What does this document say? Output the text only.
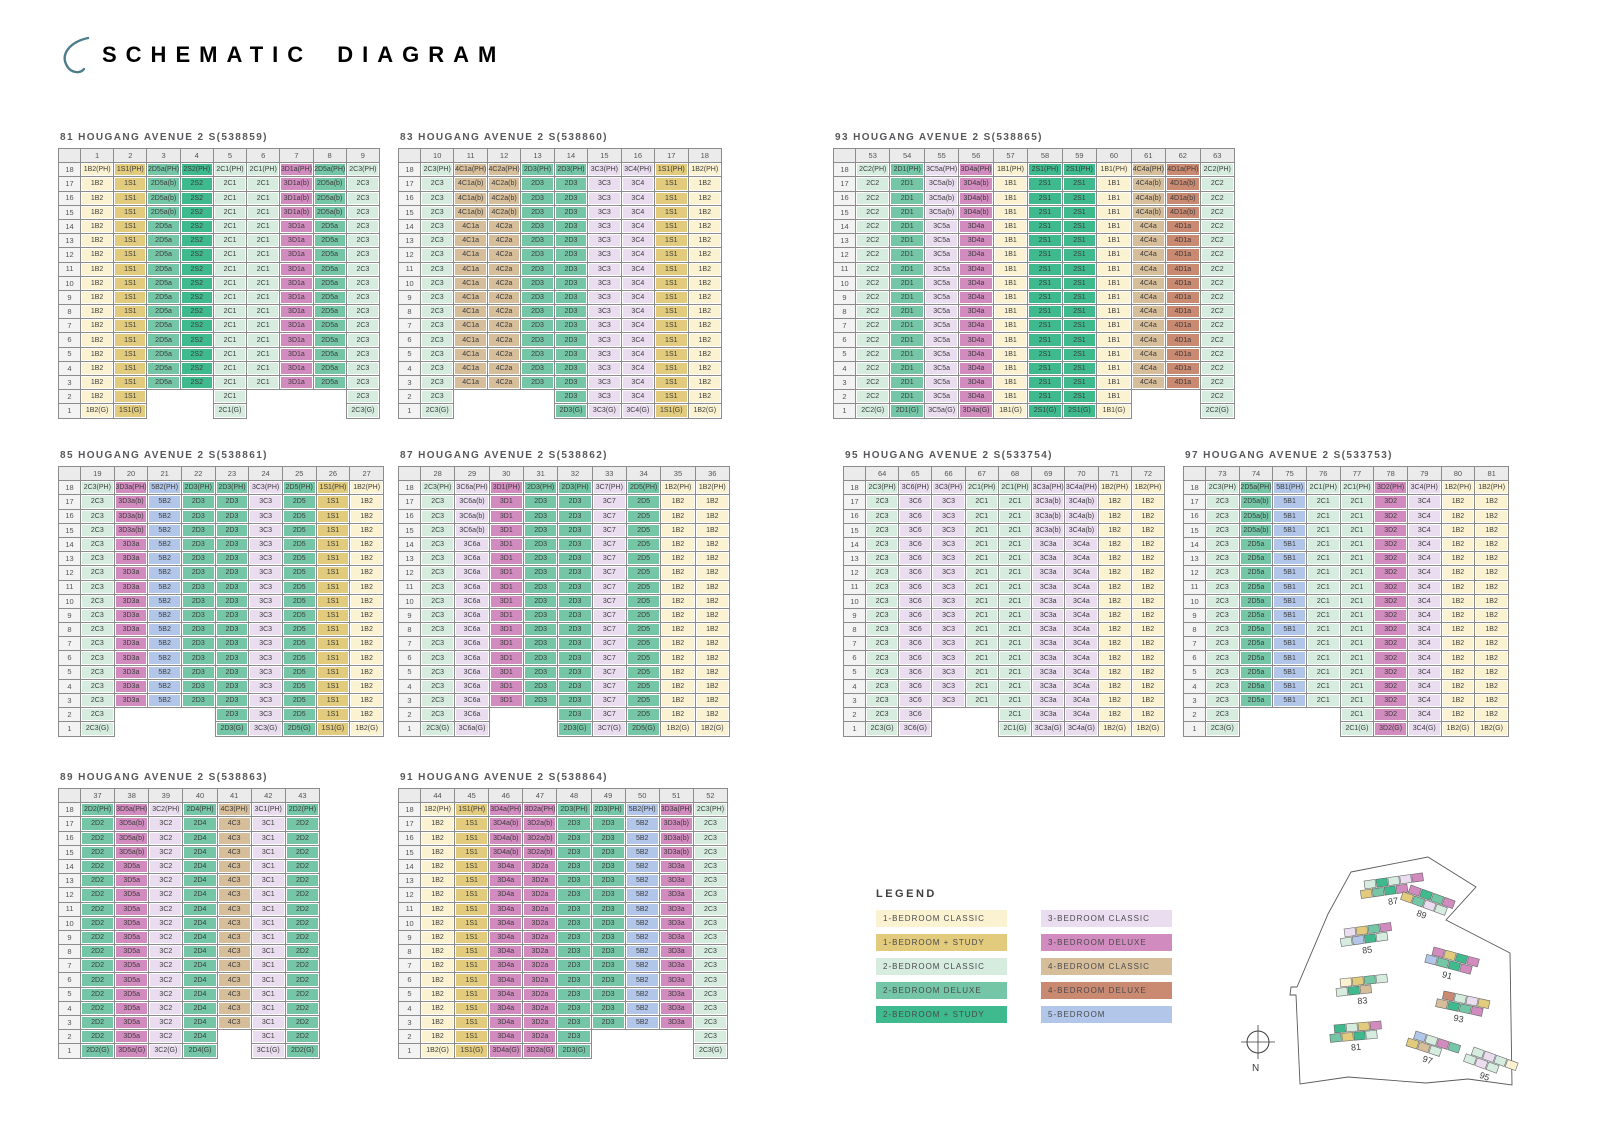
SCHEMATIC DIAGRAM
81 HOUGANG AVENUE 2 S(538859)
	1	2	3	4	5	6	7	8	9
18	1B2(PH)	1S1(PH)	2D5a(PH)	2S2(PH)	2C1(PH)	2C1(PH)	3D1a(PH)	2D5a(PH)	2C3(PH)
17	1B2	1S1	2D5a(b)	2S2	2C1	2C1	3D1a(b)	2D5a(b)	2C3
16	1B2	1S1	2D5a(b)	2S2	2C1	2C1	3D1a(b)	2D5a(b)	2C3
15	1B2	1S1	2D5a(b)	2S2	2C1	2C1	3D1a(b)	2D5a(b)	2C3
14	1B2	1S1	2D5a	2S2	2C1	2C1	3D1a	2D5a	2C3
13	1B2	1S1	2D5a	2S2	2C1	2C1	3D1a	2D5a	2C3
12	1B2	1S1	2D5a	2S2	2C1	2C1	3D1a	2D5a	2C3
11	1B2	1S1	2D5a	2S2	2C1	2C1	3D1a	2D5a	2C3
10	1B2	1S1	2D5a	2S2	2C1	2C1	3D1a	2D5a	2C3
9	1B2	1S1	2D5a	2S2	2C1	2C1	3D1a	2D5a	2C3
8	1B2	1S1	2D5a	2S2	2C1	2C1	3D1a	2D5a	2C3
7	1B2	1S1	2D5a	2S2	2C1	2C1	3D1a	2D5a	2C3
6	1B2	1S1	2D5a	2S2	2C1	2C1	3D1a	2D5a	2C3
5	1B2	1S1	2D5a	2S2	2C1	2C1	3D1a	2D5a	2C3
4	1B2	1S1	2D5a	2S2	2C1	2C1	3D1a	2D5a	2C3
3	1B2	1S1	2D5a	2S2	2C1	2C1	3D1a	2D5a	2C3
2	1B2	1S1			2C1				2C3
1	1B2(G)	1S1(G)			2C1(G)				2C3(G)
83 HOUGANG AVENUE 2 S(538860)
	10	11	12	13	14	15	16	17	18
18	2C3(PH)	4C1a(PH)	4C2a(PH)	2D3(PH)	2D3(PH)	3C3(PH)	3C4(PH)	1S1(PH)	1B2(PH)
17	2C3	4C1a(b)	4C2a(b)	2D3	2D3	3C3	3C4	1S1	1B2
16	2C3	4C1a(b)	4C2a(b)	2D3	2D3	3C3	3C4	1S1	1B2
15	2C3	4C1a(b)	4C2a(b)	2D3	2D3	3C3	3C4	1S1	1B2
14	2C3	4C1a	4C2a	2D3	2D3	3C3	3C4	1S1	1B2
13	2C3	4C1a	4C2a	2D3	2D3	3C3	3C4	1S1	1B2
12	2C3	4C1a	4C2a	2D3	2D3	3C3	3C4	1S1	1B2
11	2C3	4C1a	4C2a	2D3	2D3	3C3	3C4	1S1	1B2
10	2C3	4C1a	4C2a	2D3	2D3	3C3	3C4	1S1	1B2
9	2C3	4C1a	4C2a	2D3	2D3	3C3	3C4	1S1	1B2
8	2C3	4C1a	4C2a	2D3	2D3	3C3	3C4	1S1	1B2
7	2C3	4C1a	4C2a	2D3	2D3	3C3	3C4	1S1	1B2
6	2C3	4C1a	4C2a	2D3	2D3	3C3	3C4	1S1	1B2
5	2C3	4C1a	4C2a	2D3	2D3	3C3	3C4	1S1	1B2
4	2C3	4C1a	4C2a	2D3	2D3	3C3	3C4	1S1	1B2
3	2C3	4C1a	4C2a	2D3	2D3	3C3	3C4	1S1	1B2
2	2C3				2D3	3C3	3C4	1S1	1B2
1	2C3(G)				2D3(G)	3C3(G)	3C4(G)	1S1(G)	1B2(G)
93 HOUGANG AVENUE 2 S(538865)
	53	54	55	56	57	58	59	60	61	62	63
18	2C2(PH)	2D1(PH)	3C5a(PH)	3D4a(PH)	1B1(PH)	2S1(PH)	2S1(PH)	1B1(PH)	4C4a(PH)	4D1a(PH)	2C2(PH)
17	2C2	2D1	3C5a(b)	3D4a(b)	1B1	2S1	2S1	1B1	4C4a(b)	4D1a(b)	2C2
16	2C2	2D1	3C5a(b)	3D4a(b)	1B1	2S1	2S1	1B1	4C4a(b)	4D1a(b)	2C2
15	2C2	2D1	3C5a(b)	3D4a(b)	1B1	2S1	2S1	1B1	4C4a(b)	4D1a(b)	2C2
14	2C2	2D1	3C5a	3D4a	1B1	2S1	2S1	1B1	4C4a	4D1a	2C2
13	2C2	2D1	3C5a	3D4a	1B1	2S1	2S1	1B1	4C4a	4D1a	2C2
12	2C2	2D1	3C5a	3D4a	1B1	2S1	2S1	1B1	4C4a	4D1a	2C2
11	2C2	2D1	3C5a	3D4a	1B1	2S1	2S1	1B1	4C4a	4D1a	2C2
10	2C2	2D1	3C5a	3D4a	1B1	2S1	2S1	1B1	4C4a	4D1a	2C2
9	2C2	2D1	3C5a	3D4a	1B1	2S1	2S1	1B1	4C4a	4D1a	2C2
8	2C2	2D1	3C5a	3D4a	1B1	2S1	2S1	1B1	4C4a	4D1a	2C2
7	2C2	2D1	3C5a	3D4a	1B1	2S1	2S1	1B1	4C4a	4D1a	2C2
6	2C2	2D1	3C5a	3D4a	1B1	2S1	2S1	1B1	4C4a	4D1a	2C2
5	2C2	2D1	3C5a	3D4a	1B1	2S1	2S1	1B1	4C4a	4D1a	2C2
4	2C2	2D1	3C5a	3D4a	1B1	2S1	2S1	1B1	4C4a	4D1a	2C2
3	2C2	2D1	3C5a	3D4a	1B1	2S1	2S1	1B1	4C4a	4D1a	2C2
2	2C2	2D1	3C5a	3D4a	1B1	2S1	2S1	1B1			2C2
1	2C2(G)	2D1(G)	3C5a(G)	3D4a(G)	1B1(G)	2S1(G)	2S1(G)	1B1(G)			2C2(G)
85 HOUGANG AVENUE 2 S(538861)
	19	20	21	22	23	24	25	26	27
18	2C3(PH)	3D3a(PH)	5B2(PH)	2D3(PH)	2D3(PH)	3C3(PH)	2D5(PH)	1S1(PH)	1B2(PH)
17	2C3	3D3a(b)	5B2	2D3	2D3	3C3	2D5	1S1	1B2
16	2C3	3D3a(b)	5B2	2D3	2D3	3C3	2D5	1S1	1B2
15	2C3	3D3a(b)	5B2	2D3	2D3	3C3	2D5	1S1	1B2
14	2C3	3D3a	5B2	2D3	2D3	3C3	2D5	1S1	1B2
13	2C3	3D3a	5B2	2D3	2D3	3C3	2D5	1S1	1B2
12	2C3	3D3a	5B2	2D3	2D3	3C3	2D5	1S1	1B2
11	2C3	3D3a	5B2	2D3	2D3	3C3	2D5	1S1	1B2
10	2C3	3D3a	5B2	2D3	2D3	3C3	2D5	1S1	1B2
9	2C3	3D3a	5B2	2D3	2D3	3C3	2D5	1S1	1B2
8	2C3	3D3a	5B2	2D3	2D3	3C3	2D5	1S1	1B2
7	2C3	3D3a	5B2	2D3	2D3	3C3	2D5	1S1	1B2
6	2C3	3D3a	5B2	2D3	2D3	3C3	2D5	1S1	1B2
5	2C3	3D3a	5B2	2D3	2D3	3C3	2D5	1S1	1B2
4	2C3	3D3a	5B2	2D3	2D3	3C3	2D5	1S1	1B2
3	2C3	3D3a	5B2	2D3	2D3	3C3	2D5	1S1	1B2
2	2C3				2D3	3C3	2D5	1S1	1B2
1	2C3(G)				2D3(G)	3C3(G)	2D5(G)	1S1(G)	1B2(G)
87 HOUGANG AVENUE 2 S(538862)
	28	29	30	31	32	33	34	35	36
18	2C3(PH)	3C6a(PH)	3D1(PH)	2D3(PH)	2D3(PH)	3C7(PH)	2D5(PH)	1B2(PH)	1B2(PH)
17	2C3	3C6a(b)	3D1	2D3	2D3	3C7	2D5	1B2	1B2
16	2C3	3C6a(b)	3D1	2D3	2D3	3C7	2D5	1B2	1B2
15	2C3	3C6a(b)	3D1	2D3	2D3	3C7	2D5	1B2	1B2
14	2C3	3C6a	3D1	2D3	2D3	3C7	2D5	1B2	1B2
13	2C3	3C6a	3D1	2D3	2D3	3C7	2D5	1B2	1B2
12	2C3	3C6a	3D1	2D3	2D3	3C7	2D5	1B2	1B2
11	2C3	3C6a	3D1	2D3	2D3	3C7	2D5	1B2	1B2
10	2C3	3C6a	3D1	2D3	2D3	3C7	2D5	1B2	1B2
9	2C3	3C6a	3D1	2D3	2D3	3C7	2D5	1B2	1B2
8	2C3	3C6a	3D1	2D3	2D3	3C7	2D5	1B2	1B2
7	2C3	3C6a	3D1	2D3	2D3	3C7	2D5	1B2	1B2
6	2C3	3C6a	3D1	2D3	2D3	3C7	2D5	1B2	1B2
5	2C3	3C6a	3D1	2D3	2D3	3C7	2D5	1B2	1B2
4	2C3	3C6a	3D1	2D3	2D3	3C7	2D5	1B2	1B2
3	2C3	3C6a	3D1	2D3	2D3	3C7	2D5	1B2	1B2
2	2C3	3C6a			2D3	3C7	2D5	1B2	1B2
1	2C3(G)	3C6a(G)			2D3(G)	3C7(G)	2D5(G)	1B2(G)	1B2(G)
95 HOUGANG AVENUE 2 S(533754)
	64	65	66	67	68	69	70	71	72
18	2C3(PH)	3C6(PH)	3C3(PH)	2C1(PH)	2C1(PH)	3C3a(PH)	3C4a(PH)	1B2(PH)	1B2(PH)
17	2C3	3C6	3C3	2C1	2C1	3C3a(b)	3C4a(b)	1B2	1B2
16	2C3	3C6	3C3	2C1	2C1	3C3a(b)	3C4a(b)	1B2	1B2
15	2C3	3C6	3C3	2C1	2C1	3C3a(b)	3C4a(b)	1B2	1B2
14	2C3	3C6	3C3	2C1	2C1	3C3a	3C4a	1B2	1B2
13	2C3	3C6	3C3	2C1	2C1	3C3a	3C4a	1B2	1B2
12	2C3	3C6	3C3	2C1	2C1	3C3a	3C4a	1B2	1B2
11	2C3	3C6	3C3	2C1	2C1	3C3a	3C4a	1B2	1B2
10	2C3	3C6	3C3	2C1	2C1	3C3a	3C4a	1B2	1B2
9	2C3	3C6	3C3	2C1	2C1	3C3a	3C4a	1B2	1B2
8	2C3	3C6	3C3	2C1	2C1	3C3a	3C4a	1B2	1B2
7	2C3	3C6	3C3	2C1	2C1	3C3a	3C4a	1B2	1B2
6	2C3	3C6	3C3	2C1	2C1	3C3a	3C4a	1B2	1B2
5	2C3	3C6	3C3	2C1	2C1	3C3a	3C4a	1B2	1B2
4	2C3	3C6	3C3	2C1	2C1	3C3a	3C4a	1B2	1B2
3	2C3	3C6	3C3	2C1	2C1	3C3a	3C4a	1B2	1B2
2	2C3	3C6			2C1	3C3a	3C4a	1B2	1B2
1	2C3(G)	3C6(G)			2C1(G)	3C3a(G)	3C4a(G)	1B2(G)	1B2(G)
97 HOUGANG AVENUE 2 S(533753)
	73	74	75	76	77	78	79	80	81
18	2C3(PH)	2D5a(PH)	5B1(PH)	2C1(PH)	2C1(PH)	3D2(PH)	3C4(PH)	1B2(PH)	1B2(PH)
17	2C3	2D5a(b)	5B1	2C1	2C1	3D2	3C4	1B2	1B2
16	2C3	2D5a(b)	5B1	2C1	2C1	3D2	3C4	1B2	1B2
15	2C3	2D5a(b)	5B1	2C1	2C1	3D2	3C4	1B2	1B2
14	2C3	2D5a	5B1	2C1	2C1	3D2	3C4	1B2	1B2
13	2C3	2D5a	5B1	2C1	2C1	3D2	3C4	1B2	1B2
12	2C3	2D5a	5B1	2C1	2C1	3D2	3C4	1B2	1B2
11	2C3	2D5a	5B1	2C1	2C1	3D2	3C4	1B2	1B2
10	2C3	2D5a	5B1	2C1	2C1	3D2	3C4	1B2	1B2
9	2C3	2D5a	5B1	2C1	2C1	3D2	3C4	1B2	1B2
8	2C3	2D5a	5B1	2C1	2C1	3D2	3C4	1B2	1B2
7	2C3	2D5a	5B1	2C1	2C1	3D2	3C4	1B2	1B2
6	2C3	2D5a	5B1	2C1	2C1	3D2	3C4	1B2	1B2
5	2C3	2D5a	5B1	2C1	2C1	3D2	3C4	1B2	1B2
4	2C3	2D5a	5B1	2C1	2C1	3D2	3C4	1B2	1B2
3	2C3	2D5a	5B1	2C1	2C1	3D2	3C4	1B2	1B2
2	2C3				2C1	3D2	3C4	1B2	1B2
1	2C3(G)				2C1(G)	3D2(G)	3C4(G)	1B2(G)	1B2(G)
89 HOUGANG AVENUE 2 S(538863)
	37	38	39	40	41	42	43
18	2D2(PH)	3D5a(PH)	3C2(PH)	2D4(PH)	4C3(PH)	3C1(PH)	2D2(PH)
17	2D2	3D5a(b)	3C2	2D4	4C3	3C1	2D2
16	2D2	3D5a(b)	3C2	2D4	4C3	3C1	2D2
15	2D2	3D5a(b)	3C2	2D4	4C3	3C1	2D2
14	2D2	3D5a	3C2	2D4	4C3	3C1	2D2
13	2D2	3D5a	3C2	2D4	4C3	3C1	2D2
12	2D2	3D5a	3C2	2D4	4C3	3C1	2D2
11	2D2	3D5a	3C2	2D4	4C3	3C1	2D2
10	2D2	3D5a	3C2	2D4	4C3	3C1	2D2
9	2D2	3D5a	3C2	2D4	4C3	3C1	2D2
8	2D2	3D5a	3C2	2D4	4C3	3C1	2D2
7	2D2	3D5a	3C2	2D4	4C3	3C1	2D2
6	2D2	3D5a	3C2	2D4	4C3	3C1	2D2
5	2D2	3D5a	3C2	2D4	4C3	3C1	2D2
4	2D2	3D5a	3C2	2D4	4C3	3C1	2D2
3	2D2	3D5a	3C2	2D4	4C3	3C1	2D2
2	2D2	3D5a	3C2	2D4		3C1	2D2
1	2D2(G)	3D5a(G)	3C2(G)	2D4(G)		3C1(G)	2D2(G)
91 HOUGANG AVENUE 2 S(538864)
	44	45	46	47	48	49	50	51	52
18	1B2(PH)	1S1(PH)	3D4a(PH)	3D2a(PH)	2D3(PH)	2D3(PH)	5B2(PH)	3D3a(PH)	2C3(PH)
17	1B2	1S1	3D4a(b)	3D2a(b)	2D3	2D3	5B2	3D3a(b)	2C3
16	1B2	1S1	3D4a(b)	3D2a(b)	2D3	2D3	5B2	3D3a(b)	2C3
15	1B2	1S1	3D4a(b)	3D2a(b)	2D3	2D3	5B2	3D3a(b)	2C3
14	1B2	1S1	3D4a	3D2a	2D3	2D3	5B2	3D3a	2C3
13	1B2	1S1	3D4a	3D2a	2D3	2D3	5B2	3D3a	2C3
12	1B2	1S1	3D4a	3D2a	2D3	2D3	5B2	3D3a	2C3
11	1B2	1S1	3D4a	3D2a	2D3	2D3	5B2	3D3a	2C3
10	1B2	1S1	3D4a	3D2a	2D3	2D3	5B2	3D3a	2C3
9	1B2	1S1	3D4a	3D2a	2D3	2D3	5B2	3D3a	2C3
8	1B2	1S1	3D4a	3D2a	2D3	2D3	5B2	3D3a	2C3
7	1B2	1S1	3D4a	3D2a	2D3	2D3	5B2	3D3a	2C3
6	1B2	1S1	3D4a	3D2a	2D3	2D3	5B2	3D3a	2C3
5	1B2	1S1	3D4a	3D2a	2D3	2D3	5B2	3D3a	2C3
4	1B2	1S1	3D4a	3D2a	2D3	2D3	5B2	3D3a	2C3
3	1B2	1S1	3D4a	3D2a	2D3	2D3	5B2	3D3a	2C3
2	1B2	1S1	3D4a	3D2a	2D3				2C3
1	1B2(G)	1S1(G)	3D4a(G)	3D2a(G)	2D3(G)				2C3(G)
LEGEND
1-BEDROOM CLASSIC
1-BEDROOM + STUDY
2-BEDROOM CLASSIC
2-BEDROOM DELUXE
2-BEDROOM + STUDY
3-BEDROOM CLASSIC
3-BEDROOM DELUXE
4-BEDROOM CLASSIC
4-BEDROOM DELUXE
5-BEDROOM
87
89
85
91
83
93
81
97
95
N
